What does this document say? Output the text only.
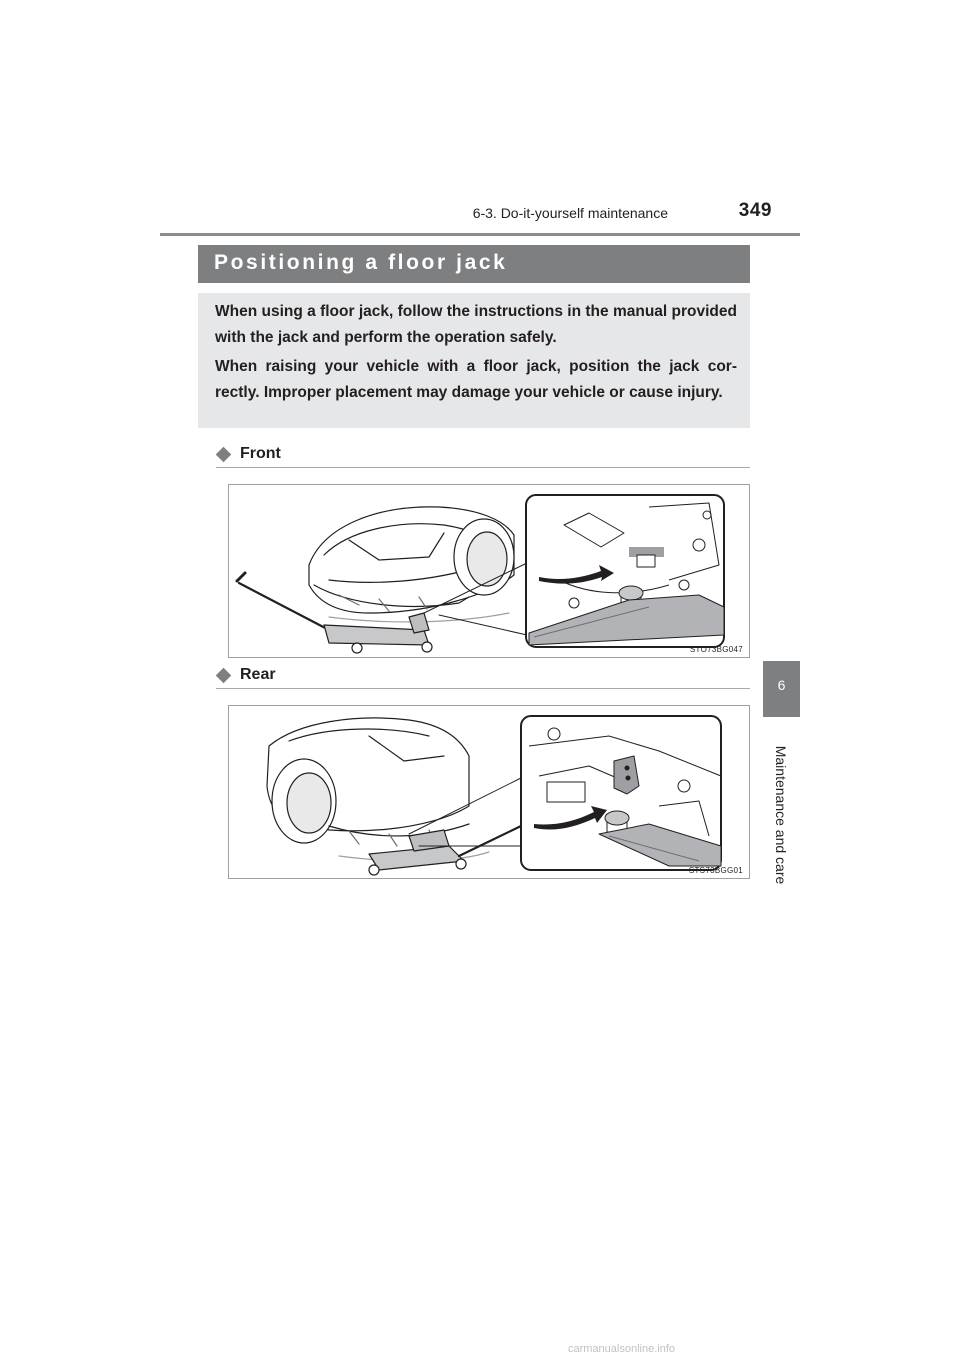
6-3. Do-it-yourself maintenance	349
Positioning a floor jack
When using a floor jack, follow the instructions in the manual provided with the jack and perform the operation safely.
When raising your vehicle with a floor jack, position the jack cor-rectly. Improper placement may damage your vehicle or cause injury.
Front
STO73BG047
Rear
STS73BGG01
6
Maintenance and care
carmanualsonline.info
